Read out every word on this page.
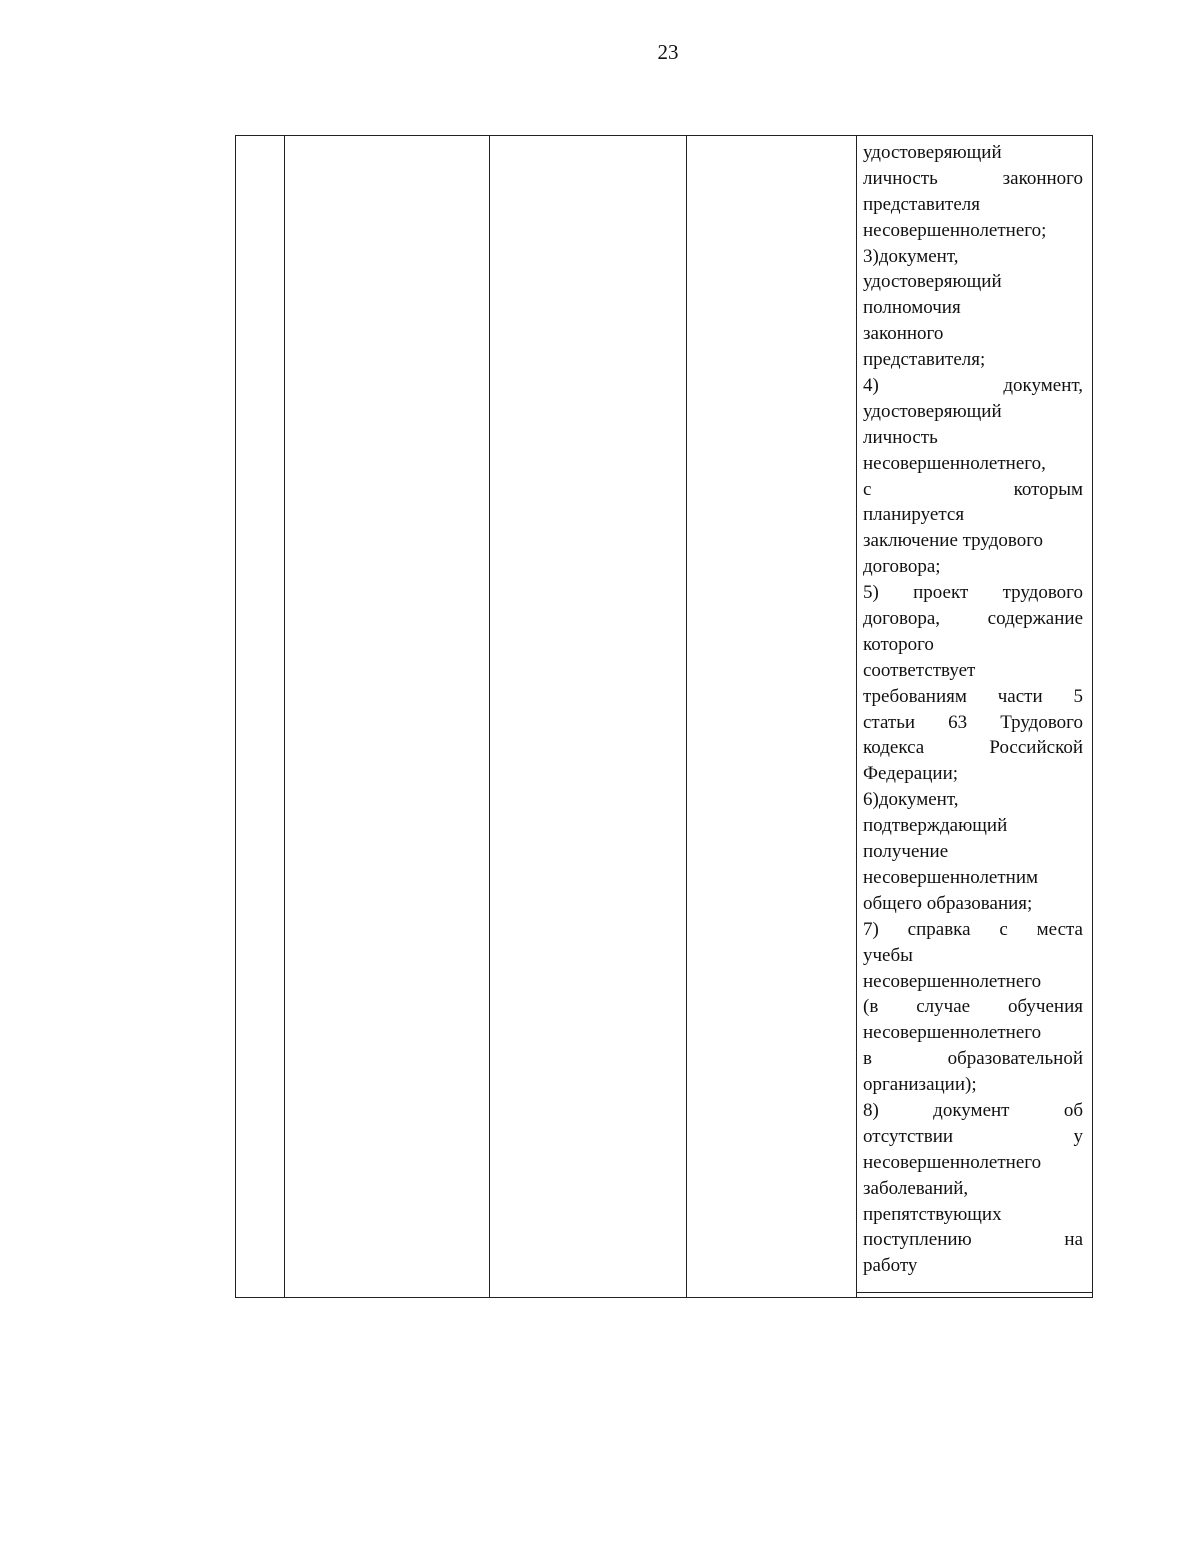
23
удостоверяющий
личность законного
представителя
несовершеннолетнего;
3)документ,
удостоверяющий
полномочия
законного
представителя;
4) документ,
удостоверяющий
личность
несовершеннолетнего,
с которым
планируется
заключение трудового
договора;
5) проект трудового
договора, содержание
которого
соответствует
требованиям части 5
статьи 63 Трудового
кодекса Российской
Федерации;
6)документ,
подтверждающий
получение
несовершеннолетним
общего образования;
7) справка с места
учебы
несовершеннолетнего
(в случае обучения
несовершеннолетнего
в образовательной
организации);
8) документ об
отсутствии у
несовершеннолетнего
заболеваний,
препятствующих
поступлению на
работу
